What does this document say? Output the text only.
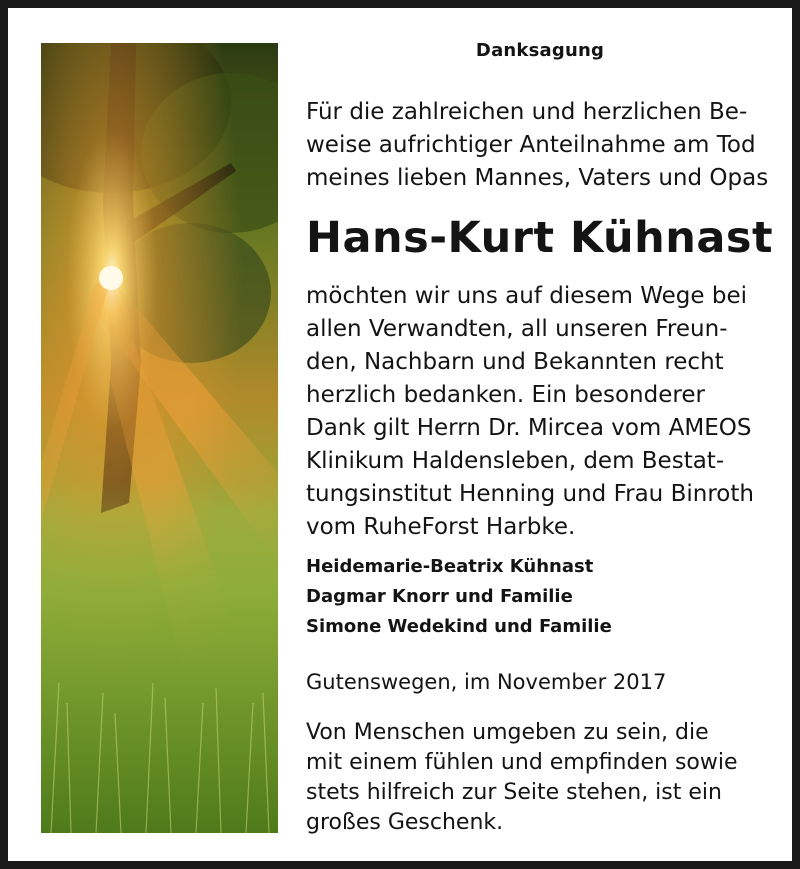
Danksagung
Für die zahlreichen und herzlichen Be-
weise aufrichtiger Anteilnahme am Tod
meines lieben Mannes, Vaters und Opas
Hans-Kurt Kühnast
möchten wir uns auf diesem Wege bei
allen Verwandten, all unseren Freun-
den, Nachbarn und Bekannten recht
herzlich bedanken. Ein besonderer
Dank gilt Herrn Dr. Mircea vom AMEOS
Klinikum Haldensleben, dem Bestat-
tungsinstitut Henning und Frau Binroth
vom RuheForst Harbke.
Heidemarie-Beatrix Kühnast
Dagmar Knorr und Familie
Simone Wedekind und Familie
Gutenswegen, im November 2017
Von Menschen umgeben zu sein, die
mit einem fühlen und empfinden sowie
stets hilfreich zur Seite stehen, ist ein
großes Geschenk.
